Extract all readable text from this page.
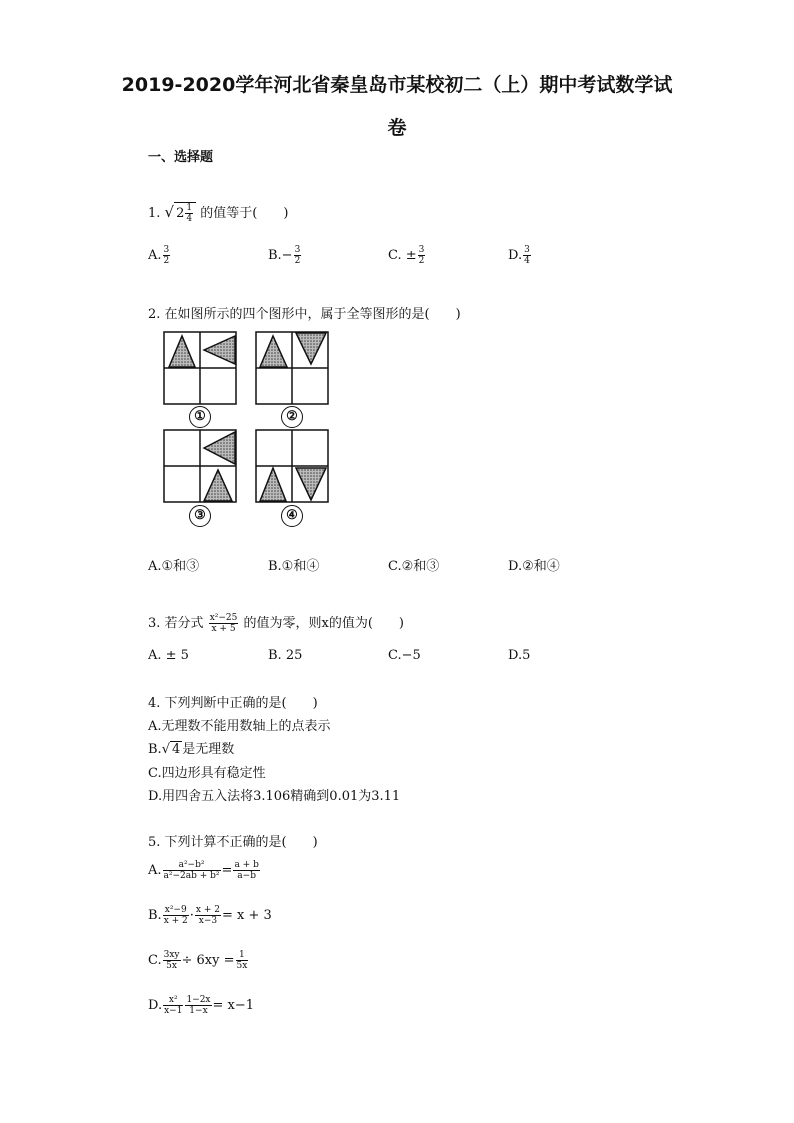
2019-2020学年河北省秦皇岛市某校初二（上）期中考试数学试
卷
一、选择题
1. √ $2 \frac{1}{4}$ 的值等于(　　)
A. $\frac{3}{2}$	$B.- \frac{3}{2}$	C. ± $\frac{3}{2}$	D. $\frac{3}{4}$
2. 在如图所示的四个图形中，属于全等图形的是(　　)
①	②
③	④
A.①和③	B.①和④	C.②和③	D.②和④
3. 若分式 $\frac{\text{x²−25}}{x + 5}$ 的值为零，则x的值为(　　)
A. ± 5	B. 25	C.−5	D.5
4. 下列判断中正确的是(　　)
A.无理数不能用数轴上的点表示
B.√ 4 是无理数
C.四边形具有稳定性
D.用四舍五入法将3.106精确到0.01为3.11
5. 下列计算不正确的是(　　)
A. $\frac{\text{a²−b²}}{\text{a²−2ab + b²}} = \frac{a + b}{a-b}$
B. $\frac{\text{x²−9}}{x + 2} \cdot \frac{x + 2}{x-3} = x + 3$
C. $\frac{3xy}{5x} \div 6xy = \frac{1}{5x}$
D. $\frac{\text{x²}}{x-1} \frac{1-2x}{1-x} = x-1$
